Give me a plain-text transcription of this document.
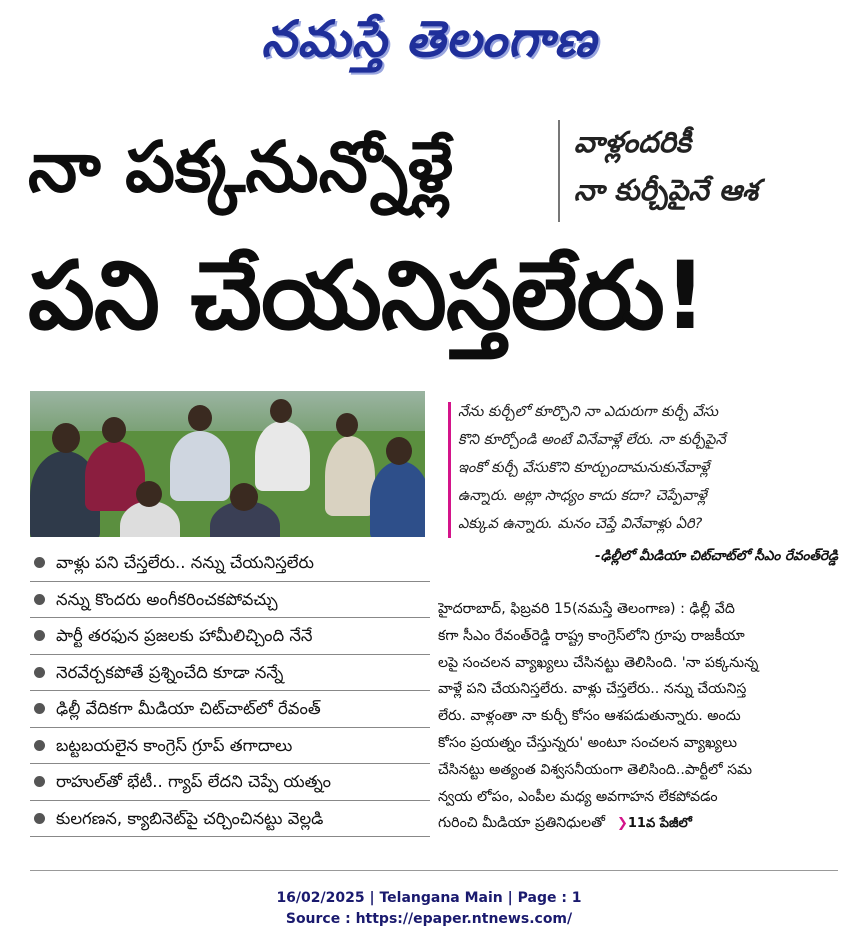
నమస్తే తెలంగాణ
నా పక్కనున్నోళ్లే	వాళ్లందరికీ
నా కుర్చీపైనే ఆశ
పని చేయనిస్తలేరు!
వాళ్లు పని చేస్తలేరు.. నన్ను చేయనిస్తలేరు
నన్ను కొందరు అంగీకరించకపోవచ్చు
పార్టీ తరఫున ప్రజలకు హామీలిచ్చింది నేనే
నెరవేర్చకపోతే ప్రశ్నించేది కూడా నన్నే
ఢిల్లీ వేదికగా మీడియా చిట్‌చాట్‌లో రేవంత్
బట్టబయలైన కాంగ్రెస్ గ్రూప్ తగాదాలు
రాహుల్‌తో భేటీ.. గ్యాప్ లేదని చెప్పే యత్నం
కులగణన, క్యాబినెట్‌పై చర్చించినట్టు వెల్లడి
నేను కుర్చీలో కూర్చొని నా ఎదురుగా కుర్చీ వేసు
కొని కూర్చోండి అంటే వినేవాళ్లే లేరు. నా కుర్చీపైనే
ఇంకో కుర్చీ వేసుకొని కూర్చుందామనుకునేవాళ్లే
ఉన్నారు. అట్లా సాధ్యం కాదు కదా? చెప్పేవాళ్లే
ఎక్కువ ఉన్నారు. మనం చెప్తే వినేవాళ్లు ఏరి?
-ఢిల్లీలో మీడియా చిట్‌చాట్‌లో సీఎం రేవంత్‌రెడ్డి
హైదరాబాద్, ఫిబ్రవరి 15(నమస్తే తెలంగాణ) : ఢిల్లీ వేది
కగా సీఎం రేవంత్‌రెడ్డి రాష్ట్ర కాంగ్రెస్‌లోని గ్రూపు రాజకీయా
లపై సంచలన వ్యాఖ్యలు చేసినట్టు తెలిసింది. 'నా పక్కనున్న
వాళ్లే పని చేయనిస్తలేరు. వాళ్లు చేస్తలేరు.. నన్ను చేయనిస్త
లేరు. వాళ్లంతా నా కుర్చీ కోసం ఆశపడుతున్నారు. అందు
కోసం ప్రయత్నం చేస్తున్నరు' అంటూ సంచలన వ్యాఖ్యలు
చేసినట్టు అత్యంత విశ్వసనీయంగా తెలిసింది..పార్టీలో సమ
న్వయ లోపం, ఎంపీల మధ్య అవగాహన లేకపోవడం
గురించి మీడియా ప్రతినిధులతో ❯11వ పేజీలో
16/02/2025 | Telangana Main | Page : 1
Source : https://epaper.ntnews.com/
